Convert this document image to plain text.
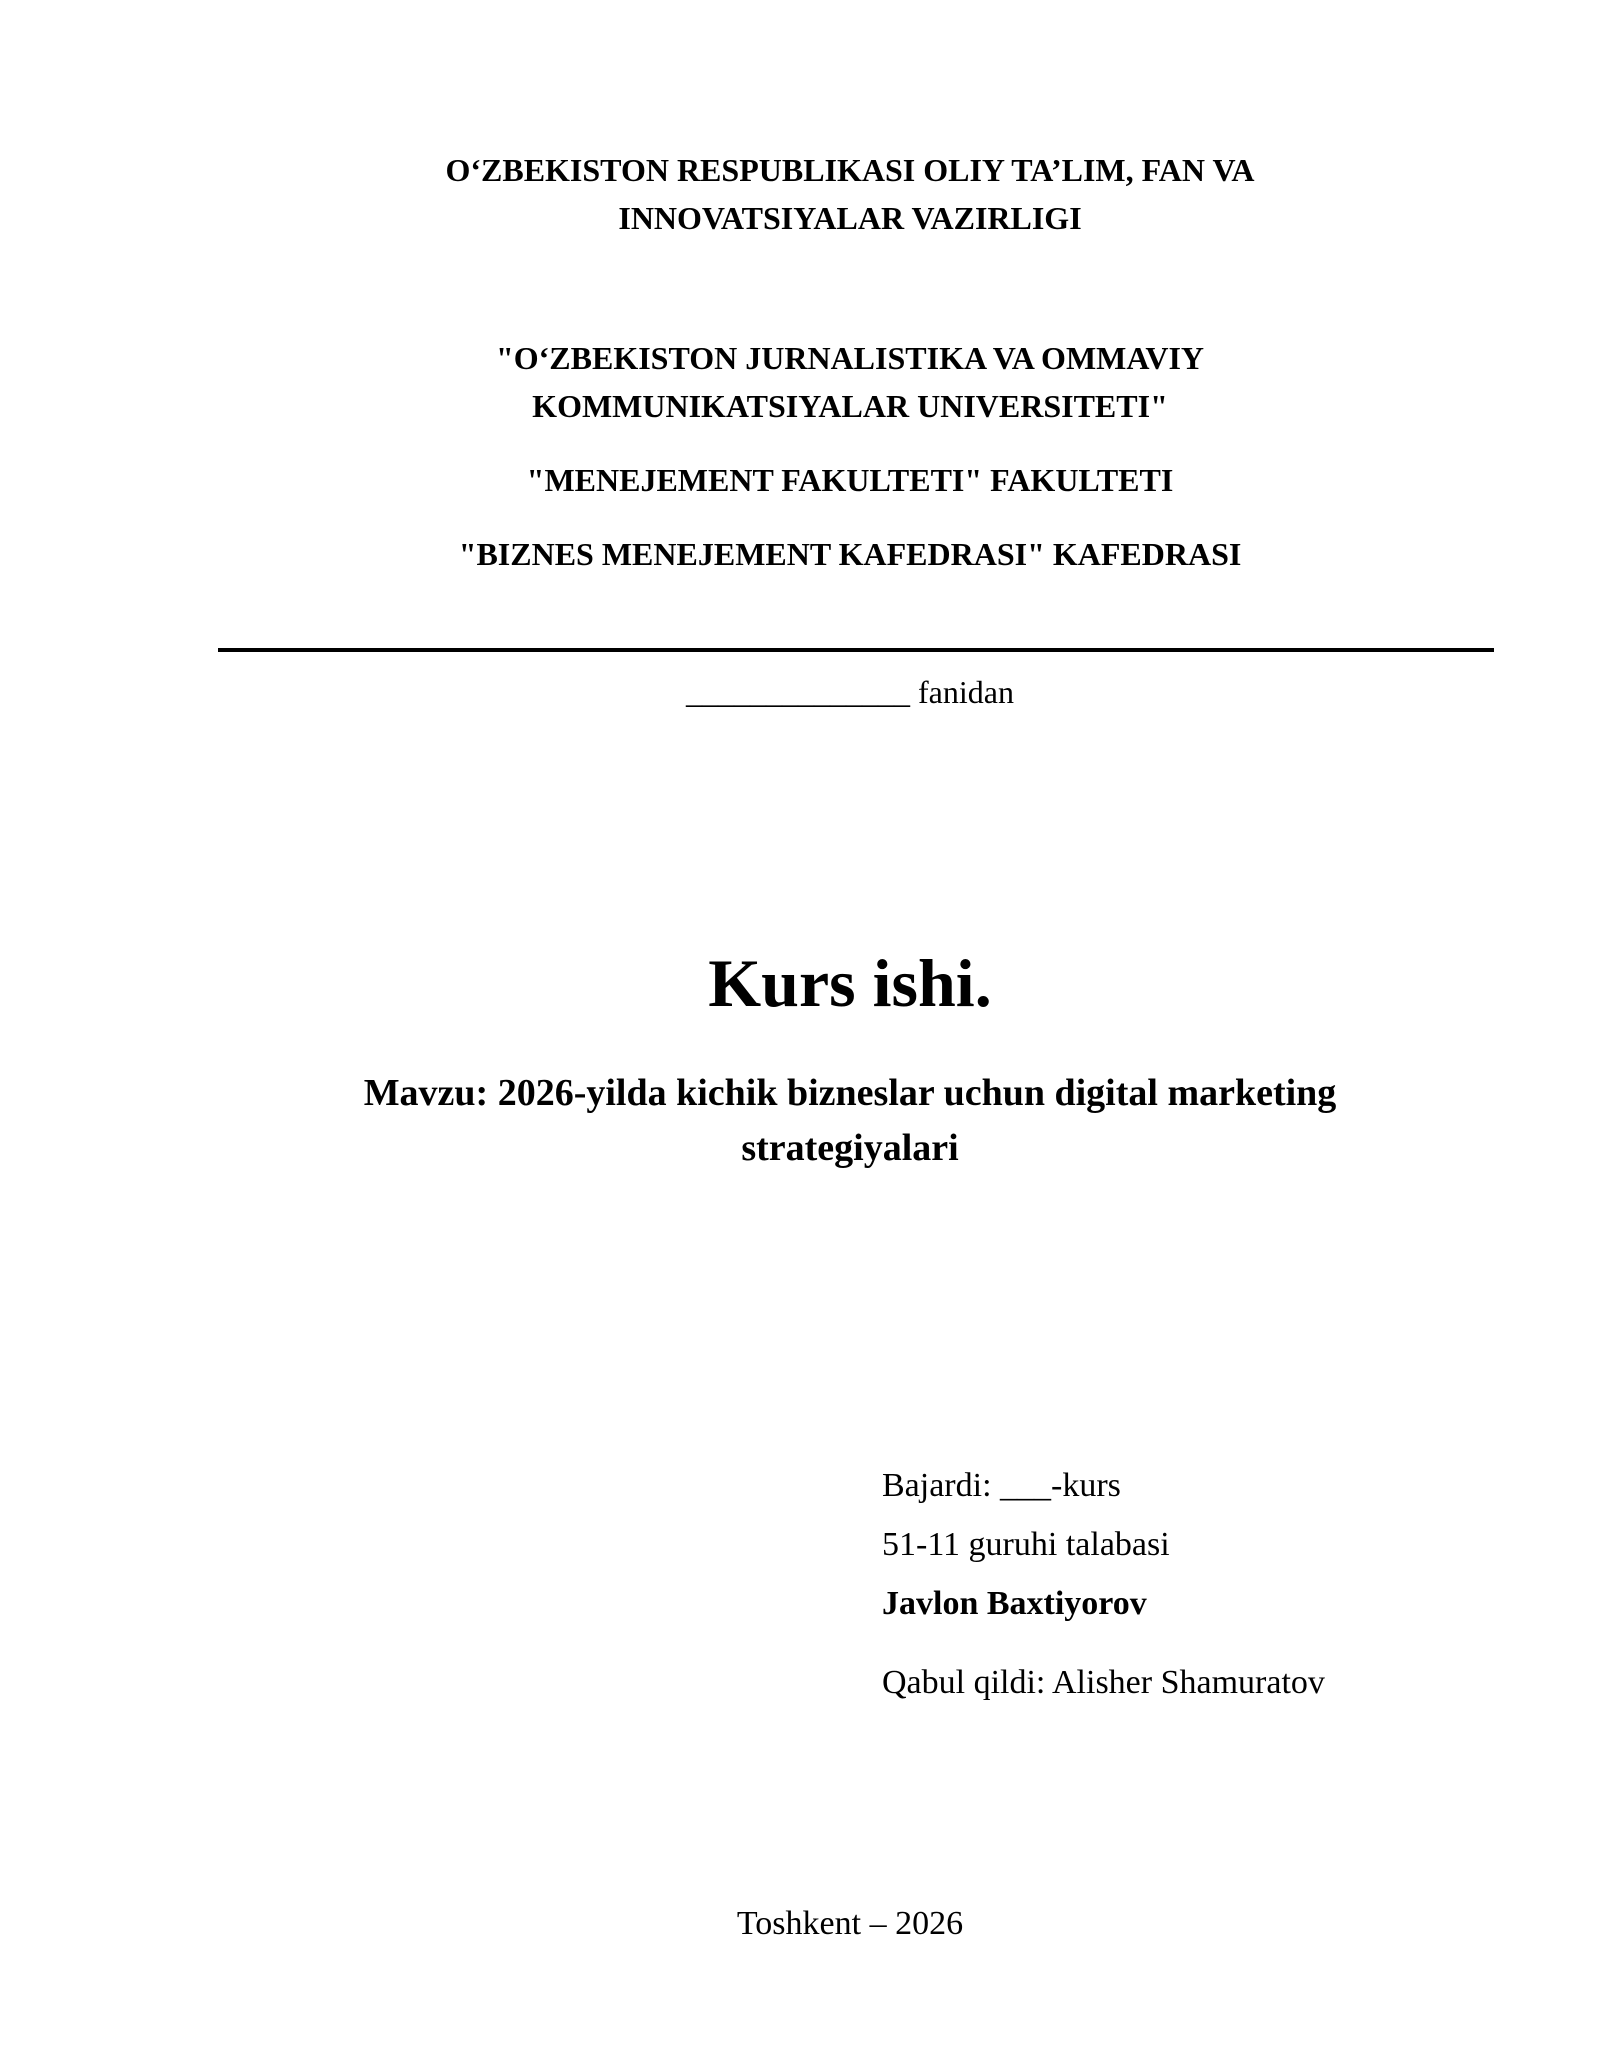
O‘ZBEKISTON RESPUBLIKASI OLIY TA’LIM, FAN VA
INNOVATSIYALAR VAZIRLIGI
"O‘ZBEKISTON JURNALISTIKA VA OMMAVIY
KOMMUNIKATSIYALAR UNIVERSITETI"
"MENEJEMENT FAKULTETI" FAKULTETI
"BIZNES MENEJEMENT KAFEDRASI" KAFEDRASI
______________ fanidan
Kurs ishi.
Mavzu: 2026-yilda kichik bizneslar uchun digital marketing
strategiyalari
Bajardi: ___-kurs
51-11 guruhi talabasi
Javlon Baxtiyorov
Qabul qildi: Alisher Shamuratov
Toshkent – 2026
